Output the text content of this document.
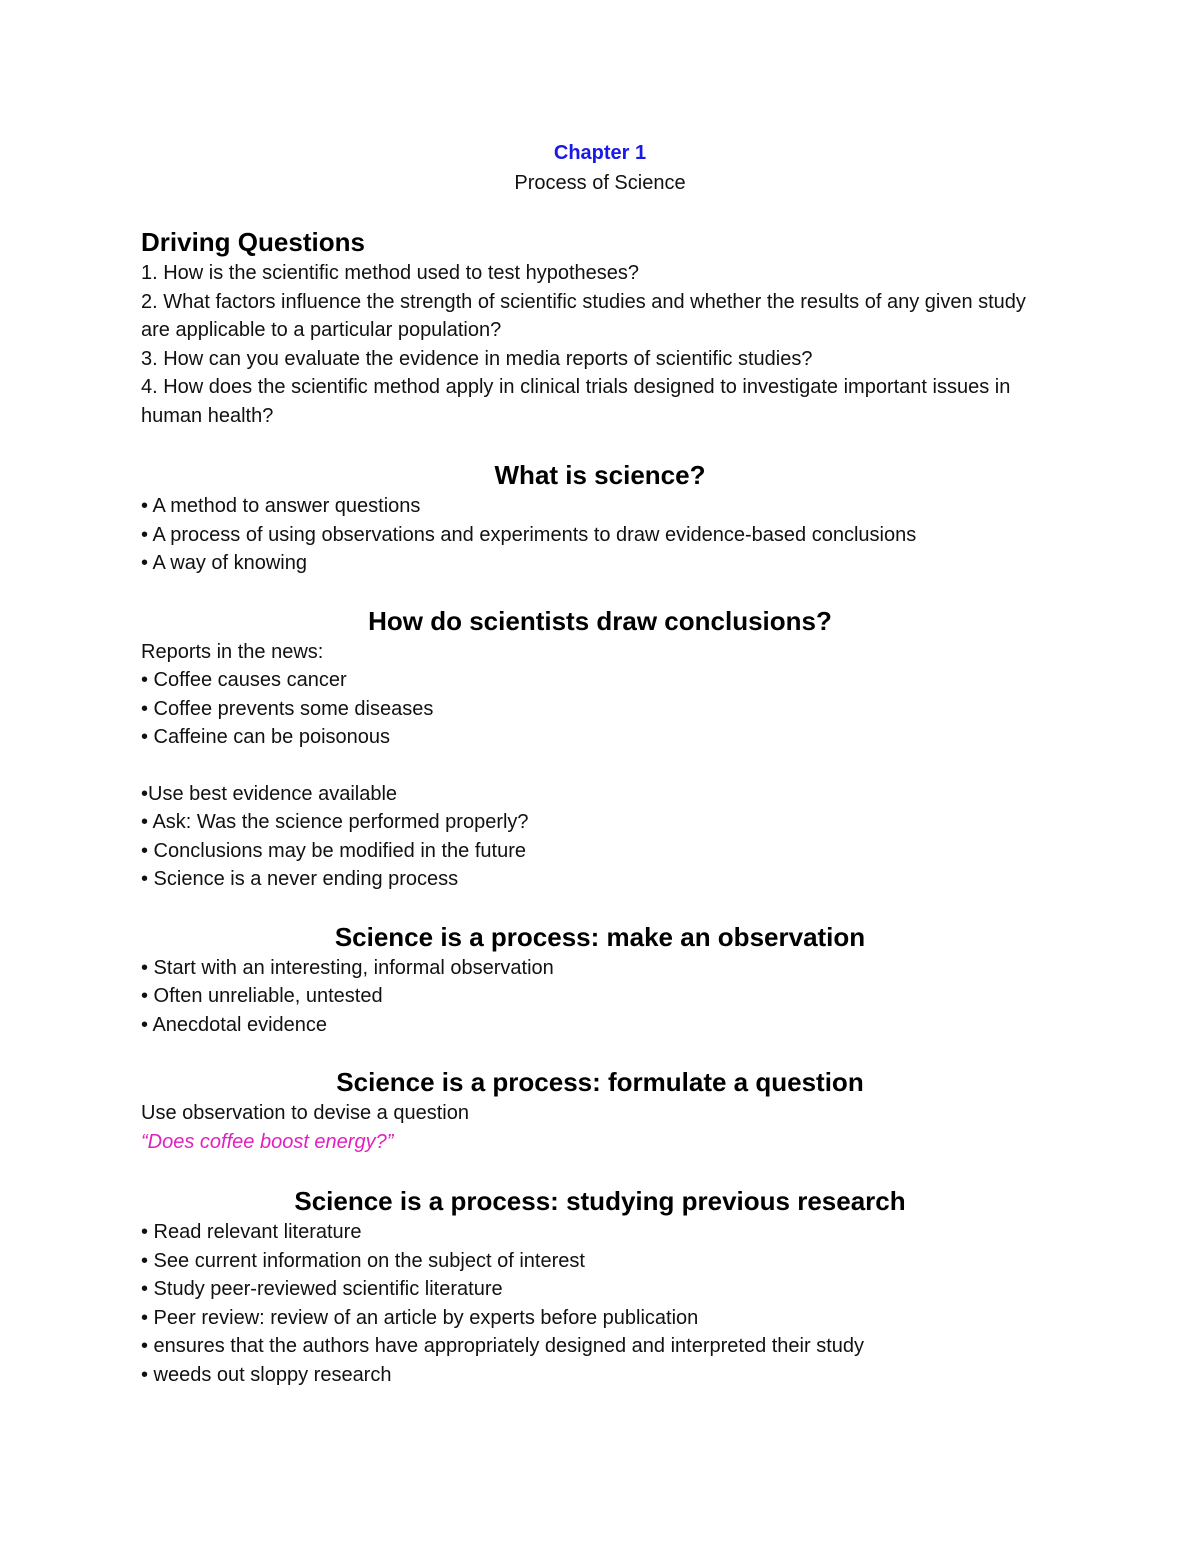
Chapter 1

Process of Science

Driving Questions

1. How is the scientific method used to test hypotheses?

2. What factors influence the strength of scientific studies and whether the results of any given study are applicable to a particular population?

3. How can you evaluate the evidence in media reports of scientific studies?

4. How does the scientific method apply in clinical trials designed to investigate important issues in human health?

What is science?

• A method to answer questions

• A process of using observations and experiments to draw evidence-based conclusions

• A way of knowing

How do scientists draw conclusions?

Reports in the news:

• Coffee causes cancer

• Coffee prevents some diseases

• Caffeine can be poisonous

•Use best evidence available

• Ask: Was the science performed properly?

• Conclusions may be modified in the future

• Science is a never ending process

Science is a process: make an observation

• Start with an interesting, informal observation

• Often unreliable, untested

• Anecdotal evidence

Science is a process: formulate a question

Use observation to devise a question

“Does coffee boost energy?”

Science is a process: studying previous research

• Read relevant literature

• See current information on the subject of interest

• Study peer-reviewed scientific literature

• Peer review: review of an article by experts before publication

• ensures that the authors have appropriately designed and interpreted their study

• weeds out sloppy research
